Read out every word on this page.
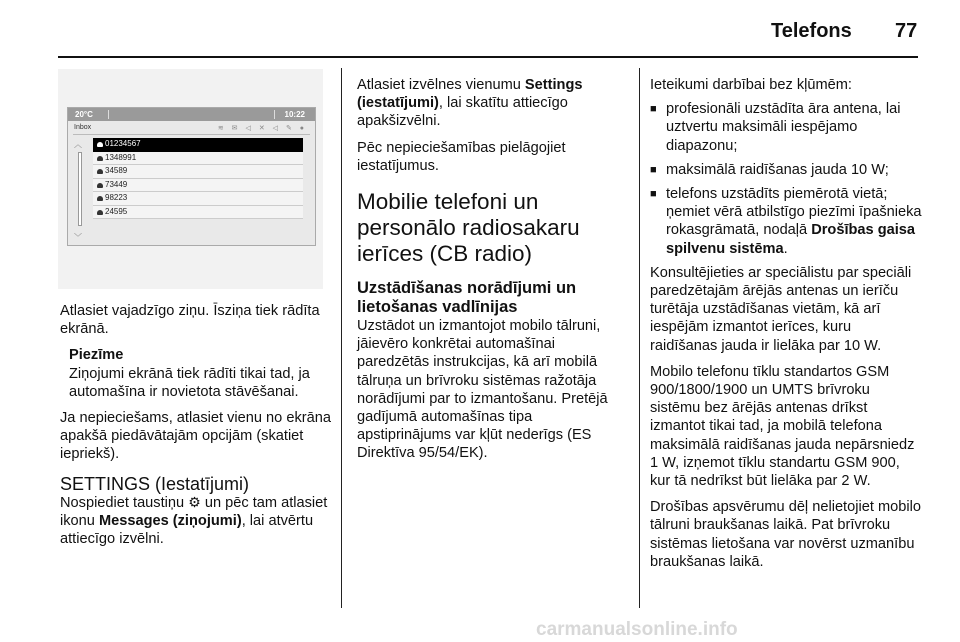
Telefons 77
20°C	10:22
Inbox	≋ ✉ ◁ ✕ ◁ ✎ ●
︿
﹀
01234567
1348991
34589
73449
98223
24595

Atlasiet vajadzīgo ziņu. Īsziņa tiek rādīta ekrānā.

Piezīme
Ziņojumi ekrānā tiek rādīti tikai tad, ja automašīna ir novietota stāvēšanai.

Ja nepieciešams, atlasiet vienu no ekrāna apakšā piedāvātajām opcijām (skatiet iepriekš).

SETTINGS (Iestatījumi)

Nospiediet taustiņu ⚙ un pēc tam atlasiet ikonu Messages (ziņojumi), lai atvērtu attiecīgo izvēlni.

Atlasiet izvēlnes vienumu Settings (iestatījumi), lai skatītu attiecīgo apakšizvēlni.

Pēc nepieciešamības pielāgojiet iestatījumus.

Mobilie telefoni un personālo radiosakaru ierīces (CB radio)
Uzstādīšanas norādījumi un lietošanas vadlīnijas

Uzstādot un izmantojot mobilo tālruni, jāievēro konkrētai automašīnai paredzētās instrukcijas, kā arī mobilā tālruņa un brīvroku sistēmas ražotāja norādījumi par to izmantošanu. Pretējā gadījumā automašīnas tipa apstiprinājums var kļūt nederīgs (ES Direktīva 95/54/EK).

Ieteikumi darbībai bez kļūmēm:

■ profesionāli uzstādīta āra antena, lai uztvertu maksimāli iespējamo diapazonu;
■ maksimālā raidīšanas jauda 10 W;
■ telefons uzstādīts piemērotā vietā; ņemiet vērā atbilstīgo piezīmi īpašnieka rokasgrāmatā, nodaļā Drošības gaisa spilvenu sistēma.

Konsultējieties ar speciālistu par speciāli paredzētajām ārējās antenas un ierīču turētāja uzstādīšanas vietām, kā arī iespējām izmantot ierīces, kuru raidīšanas jauda ir lielāka par 10 W.

Mobilo telefonu tīklu standartos GSM 900/1800/1900 un UMTS brīvroku sistēmu bez ārējās antenas drīkst izmantot tikai tad, ja mobilā telefona maksimālā raidīšanas jauda nepārsniedz 1 W, izņemot tīklu standartu GSM 900, kur tā nedrīkst būt lielāka par 2 W.

Drošības apsvērumu dēļ nelietojiet mobilo tālruni braukšanas laikā. Pat brīvroku sistēmas lietošana var novērst uzmanību braukšanas laikā.

carmanualsonline.info
